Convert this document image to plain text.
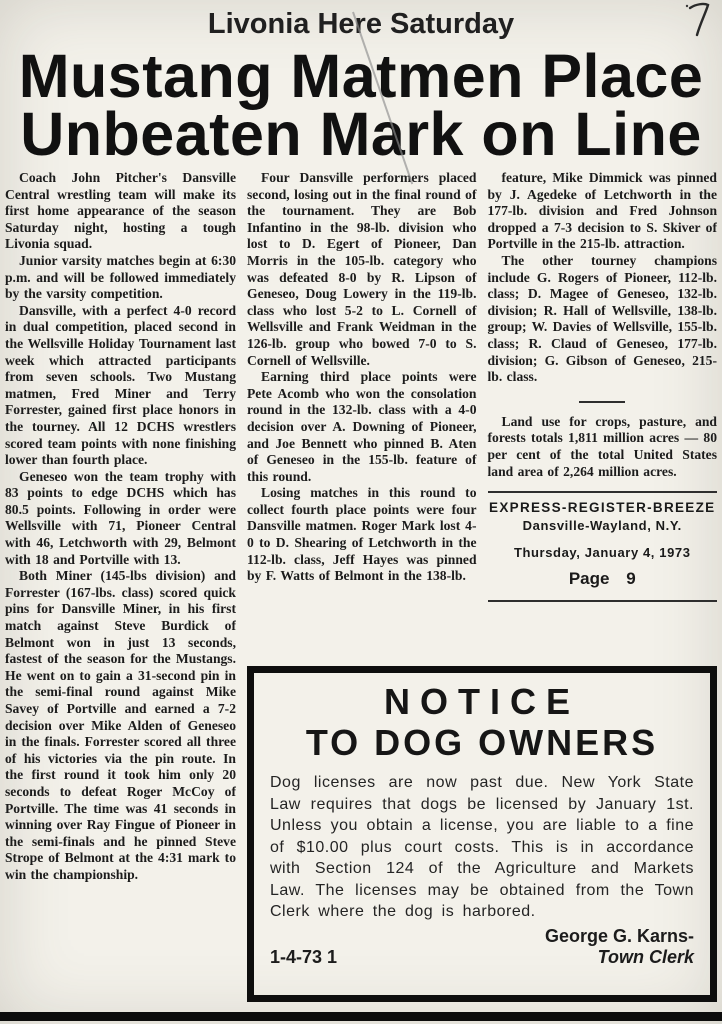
Livonia Here Saturday
Mustang Matmen Place
Unbeaten Mark on Line

Coach John Pitcher's Dansville Central wrestling team will make its first home appearance of the season Saturday night, hosting a tough Livonia squad.

Junior varsity matches begin at 6:30 p.m. and will be followed immediately by the varsity competition.

Dansville, with a perfect 4-0 record in dual competition, placed second in the Wellsville Holiday Tournament last week which attracted participants from seven schools. Two Mustang matmen, Fred Miner and Terry Forrester, gained first place honors in the tourney. All 12 DCHS wrestlers scored team points with none finishing lower than fourth place.

Geneseo won the team trophy with 83 points to edge DCHS which has 80.5 points. Following in order were Wellsville with 71, Pioneer Central with 46, Letchworth with 29, Belmont with 18 and Portville with 13.

Both Miner (145-lbs division) and Forrester (167-lbs. class) scored quick pins for Dansville Miner, in his first match against Steve Burdick of Belmont won in just 13 seconds, fastest of the season for the Mustangs. He went on to gain a 31-second pin in the semi-final round against Mike Savey of Portville and earned a 7-2 decision over Mike Alden of Geneseo in the finals. Forrester scored all three of his victories via the pin route. In the first round it took him only 20 seconds to defeat Roger McCoy of Portville. The time was 41 seconds in winning over Ray Fingue of Pioneer in the semi-finals and he pinned Steve Strope of Belmont at the 4:31 mark to win the championship.

Four Dansville performers placed second, losing out in the final round of the tournament. They are Bob Infantino in the 98-lb. division who lost to D. Egert of Pioneer, Dan Morris in the 105-lb. category who was defeated 8-0 by R. Lipson of Geneseo, Doug Lowery in the 119-lb. class who lost 5-2 to L. Cornell of Wellsville and Frank Weidman in the 126-lb. group who bowed 7-0 to S. Cornell of Wellsville.

Earning third place points were Pete Acomb who won the consolation round in the 132-lb. class with a 4-0 decision over A. Downing of Pioneer, and Joe Bennett who pinned B. Aten of Geneseo in the 155-lb. feature of this round.

Losing matches in this round to collect fourth place points were four Dansville matmen. Roger Mark lost 4-0 to D. Shearing of Letchworth in the 112-lb. class, Jeff Hayes was pinned by F. Watts of Belmont in the 138-lb.

feature, Mike Dimmick was pinned by J. Agedeke of Letchworth in the 177-lb. division and Fred Johnson dropped a 7-3 decision to S. Skiver of Portville in the 215-lb. attraction.

The other tourney champions include G. Rogers of Pioneer, 112-lb. class; D. Magee of Geneseo, 132-lb. division; R. Hall of Wellsville, 138-lb. group; W. Davies of Wellsville, 155-lb. class; R. Claud of Geneseo, 177-lb. division; G. Gibson of Geneseo, 215-lb. class.

Land use for crops, pasture, and forests totals 1,811 million acres — 80 per cent of the total United States land area of 2,264 million acres.

EXPRESS-REGISTER-BREEZE
Dansville-Wayland, N.Y.
Thursday, January 4, 1973
Page 9
NOTICE
TO DOG OWNERS
Dog licenses are now past due. New York State Law requires that dogs be licensed by January 1st. Unless you obtain a license, you are liable to a fine of $10.00 plus court costs. This is in accordance with Section 124 of the Agriculture and Markets Law. The licenses may be obtained from the Town Clerk where the dog is harbored.
George G. Karns-
1-4-73 1	Town Clerk
